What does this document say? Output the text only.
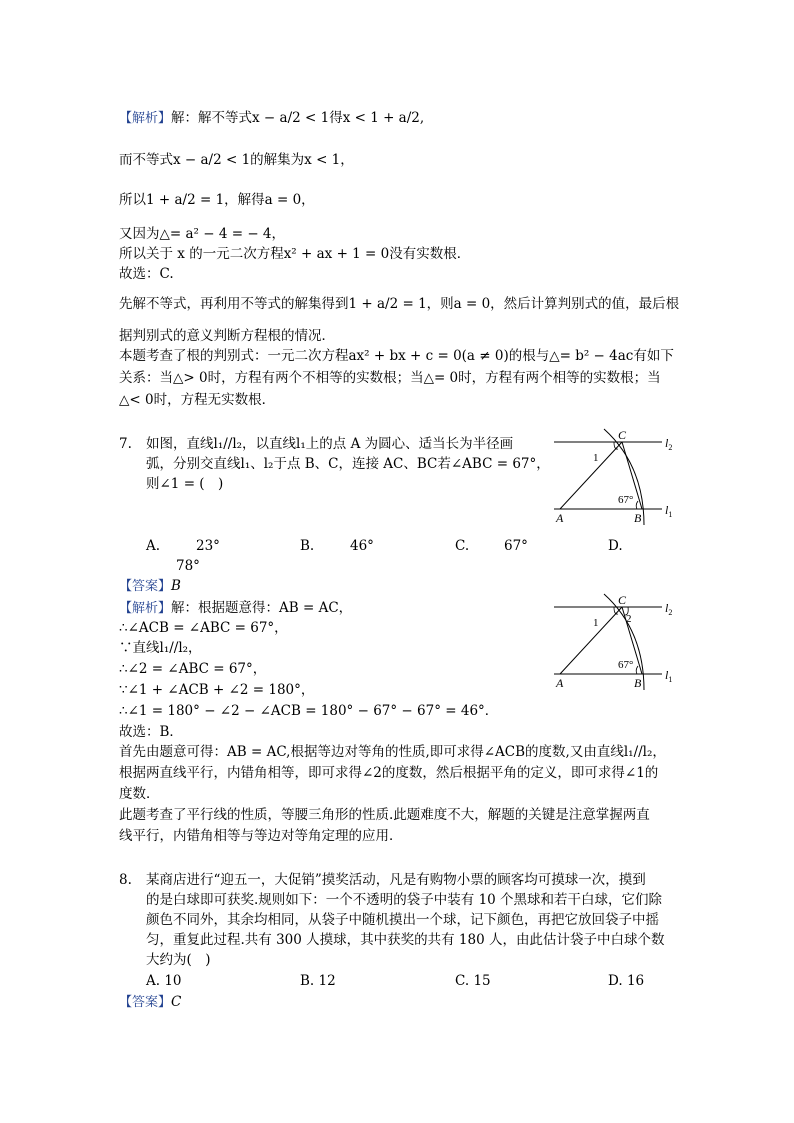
【解析】解：解不等式x − a/2 < 1得x < 1 + a/2,
而不等式x − a/2 < 1的解集为x < 1，
所以1 + a/2 = 1，解得a = 0，
又因为△= a² − 4 = − 4，
所以关于 x 的一元二次方程x² + ax + 1 = 0没有实数根．
故选：C.
先解不等式，再利用不等式的解集得到1 + a/2 = 1，则a = 0，然后计算判别式的值，最后根
据判别式的意义判断方程根的情况．
本题考查了根的判别式：一元二次方程ax² + bx + c = 0(a ≠ 0)的根与△= b² − 4ac有如下
关系：当△> 0时，方程有两个不相等的实数根；当△= 0时，方程有两个相等的实数根；当
△< 0时，方程无实数根．
7. 如图，直线l₁//l₂，以直线l₁上的点 A 为圆心、适当长为半径画
弧，分别交直线l₁、l₂于点 B、C，连接 AC、BC若∠ABC = 67°，
则∠1 = (　)
C
A	B
$l_2$
$l_1$
1
67°
A.	23°	B.	46°	C.	67°	D.
78°
【答案】B
【解析】解：根据题意得：AB = AC，
∴∠ACB = ∠ABC = 67°，
∵直线l₁//l₂，
∴∠2 = ∠ABC = 67°，
∵∠1 + ∠ACB + ∠2 = 180°，
∴∠1 = 180° − ∠2 − ∠ACB = 180° − 67° − 67° = 46°．
故选：B．
首先由题意可得：AB = AC,根据等边对等角的性质,即可求得∠ACB的度数,又由直线l₁//l₂，
根据两直线平行，内错角相等，即可求得∠2的度数，然后根据平角的定义，即可求得∠1的
度数．
此题考查了平行线的性质，等腰三角形的性质.此题难度不大，解题的关键是注意掌握两直
线平行，内错角相等与等边对等角定理的应用．
C
A	B
$l_2$
$l_1$
1	2
67°
8. 某商店进行“迎五一，大促销”摸奖活动，凡是有购物小票的顾客均可摸球一次，摸到
的是白球即可获奖.规则如下：一个不透明的袋子中装有 10 个黑球和若干白球，它们除
颜色不同外，其余均相同，从袋子中随机摸出一个球，记下颜色，再把它放回袋子中摇
匀，重复此过程.共有 300 人摸球，其中获奖的共有 180 人，由此估计袋子中白球个数
大约为(　)
A. 10	B. 12	C. 15	D. 16
【答案】C
